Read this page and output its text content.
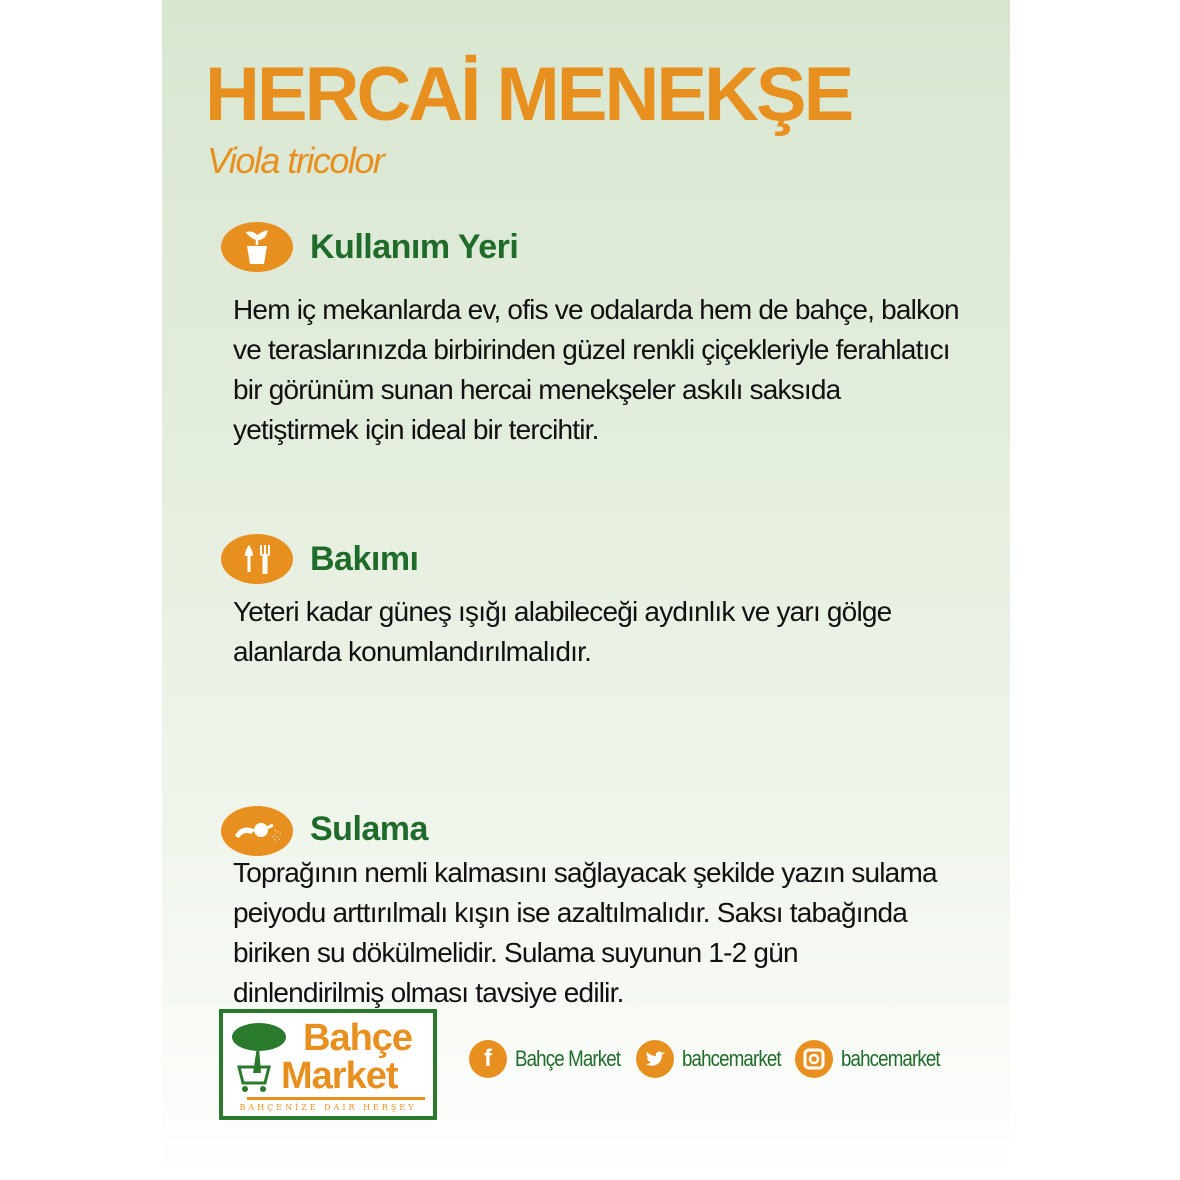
HERCAİ MENEKŞE
Viola tricolor
Kullanım Yeri
Hem iç mekanlarda ev, ofis ve odalarda hem de bahçe, balkon
ve teraslarınızda birbirinden güzel renkli çiçekleriyle ferahlatıcı
bir görünüm sunan hercai menekşeler askılı saksıda
yetiştirmek için ideal bir tercihtir.
Bakımı
Yeteri kadar güneş ışığı alabileceği aydınlık ve yarı gölge
alanlarda konumlandırılmalıdır.
Sulama
Toprağının nemli kalmasını sağlayacak şekilde yazın sulama
peiyodu arttırılmalı kışın ise azaltılmalıdır. Saksı tabağında
biriken su dökülmelidir. Sulama suyunun 1-2 gün
dinlendirilmiş olması tavsiye edilir.
Bahçe
Market
BAHÇENİZE DAİR HERŞEY
f	Bahçe Market	bahcemarket	bahcemarket
